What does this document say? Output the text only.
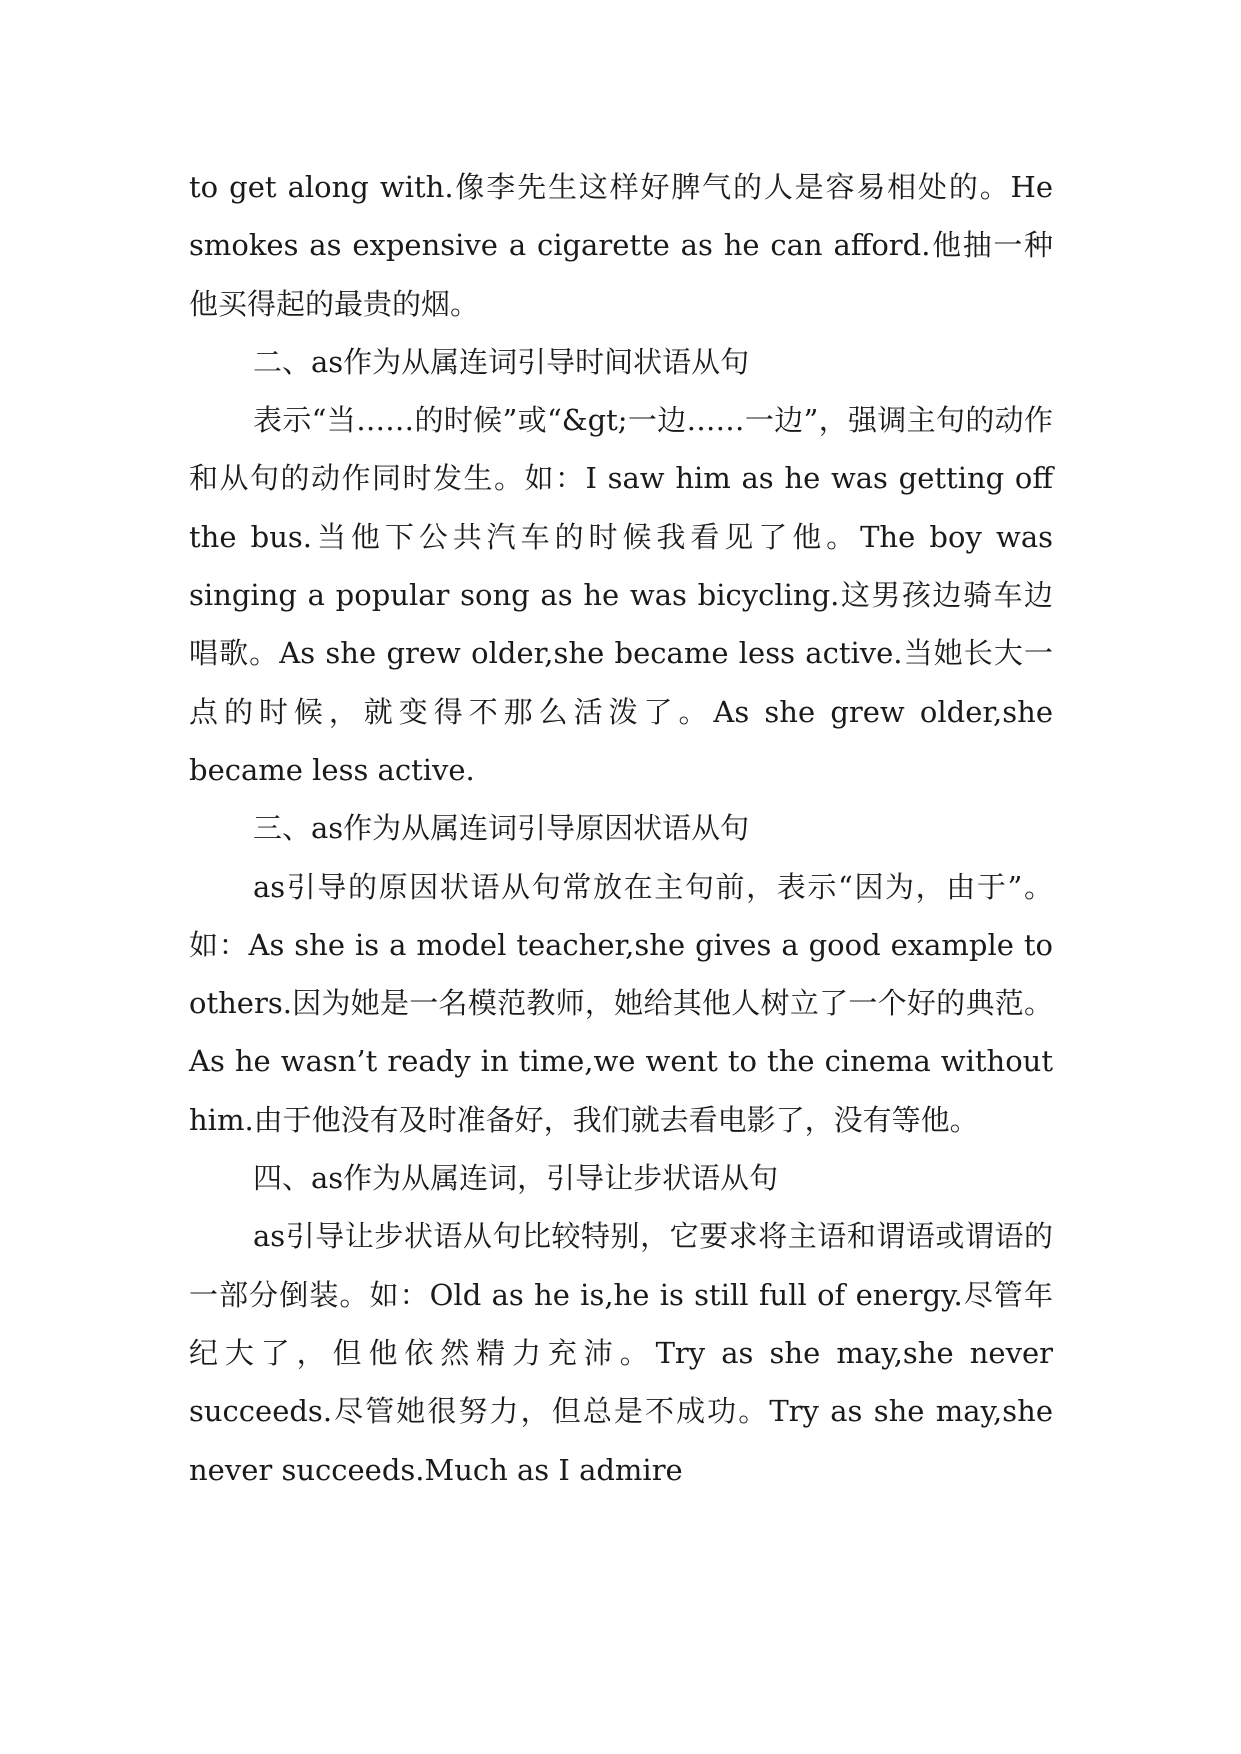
to get along with.像李先生这样好脾气的人是容易相处的。He smokes as expensive a cigarette as he can afford.他抽一种他买得起的最贵的烟。

二、as作为从属连词引导时间状语从句

表示“当……的时候”或“&gt;一边……一边”，强调主句的动作和从句的动作同时发生。如：I saw him as he was getting off the bus.当他下公共汽车的时候我看见了他。The boy was singing a popular song as he was bicycling.这男孩边骑车边唱歌。As she grew older,she became less active.当她长大一点的时候，就变得不那么活泼了。As she grew older,she became less active.

三、as作为从属连词引导原因状语从句

as引导的原因状语从句常放在主句前，表示“因为，由于”。如：As she is a model teacher,she gives a good example to others.因为她是一名模范教师，她给其他人树立了一个好的典范。As he wasn’t ready in time,we went to the cinema without him.由于他没有及时准备好，我们就去看电影了，没有等他。

四、as作为从属连词，引导让步状语从句

as引导让步状语从句比较特别，它要求将主语和谓语或谓语的一部分倒装。如：Old as he is,he is still full of energy.尽管年纪大了，但他依然精力充沛。Try as she may,she never succeeds.尽管她很努力，但总是不成功。Try as she may,she never succeeds.Much as I admire
